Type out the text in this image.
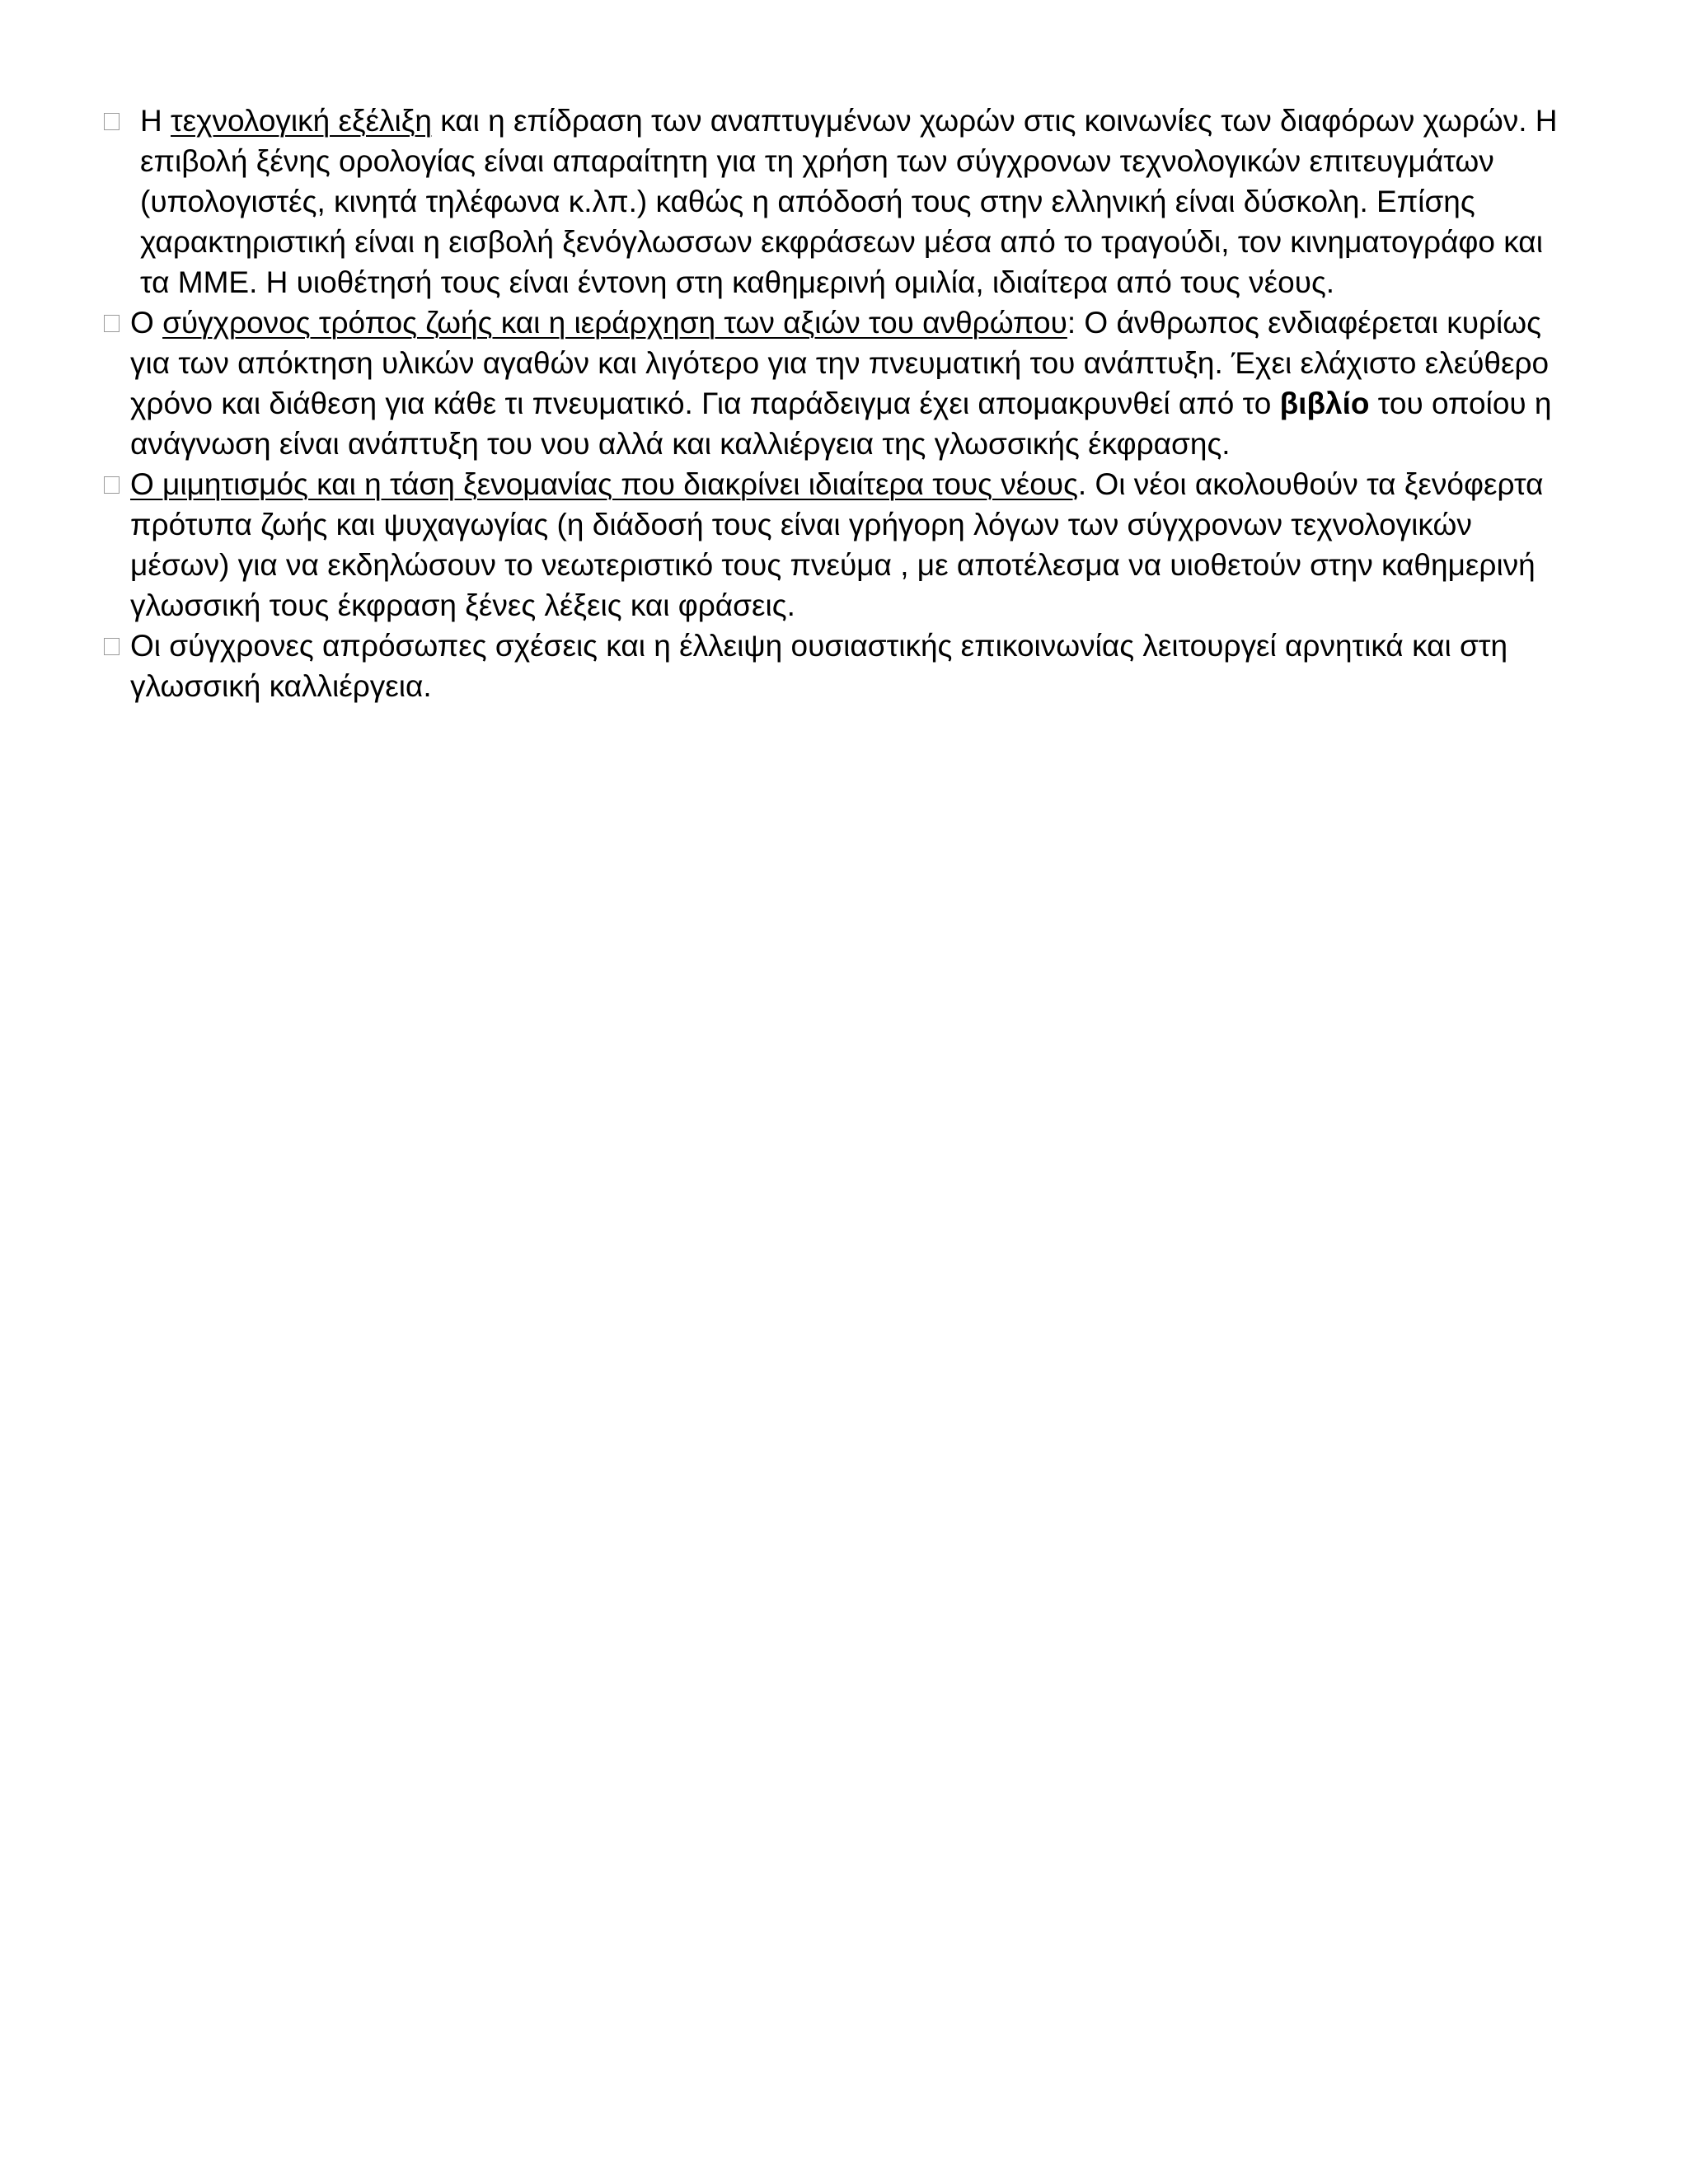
Η τεχνολογική εξέλιξη και η επίδραση των αναπτυγμένων χωρών στις κοινωνίες των διαφόρων χωρών. Η επιβολή ξένης ορολογίας είναι απαραίτητη για τη χρήση των σύγχρονων τεχνολογικών επιτευγμάτων (υπολογιστές, κινητά τηλέφωνα κ.λπ.) καθώς η απόδοσή τους στην ελληνική είναι δύσκολη. Επίσης χαρακτηριστική είναι η εισβολή ξενόγλωσσων εκφράσεων μέσα από το τραγούδι, τον κινηματογράφο και τα ΜΜΕ. Η υιοθέτησή τους είναι έντονη στη καθημερινή ομιλία, ιδιαίτερα από τους νέους.
Ο σύγχρονος τρόπος ζωής και η ιεράρχηση των αξιών του ανθρώπου: Ο άνθρωπος ενδιαφέρεται κυρίως για των απόκτηση υλικών αγαθών και λιγότερο για την πνευματική του ανάπτυξη. Έχει ελάχιστο ελεύθερο χρόνο και διάθεση για κάθε τι πνευματικό. Για παράδειγμα έχει απομακρυνθεί από το βιβλίο του οποίου η ανάγνωση είναι ανάπτυξη του νου αλλά και καλλιέργεια της γλωσσικής έκφρασης.
Ο μιμητισμός και η τάση ξενομανίας που διακρίνει ιδιαίτερα τους νέους. Οι νέοι ακολουθούν τα ξενόφερτα πρότυπα ζωής και ψυχαγωγίας (η διάδοσή τους είναι γρήγορη λόγων των σύγχρονων τεχνολογικών μέσων) για να εκδηλώσουν το νεωτεριστικό τους πνεύμα , με αποτέλεσμα να υιοθετούν στην καθημερινή γλωσσική τους έκφραση ξένες λέξεις και φράσεις.
Οι σύγχρονες απρόσωπες σχέσεις και η έλλειψη ουσιαστικής επικοινωνίας λειτουργεί αρνητικά και στη γλωσσική καλλιέργεια.
